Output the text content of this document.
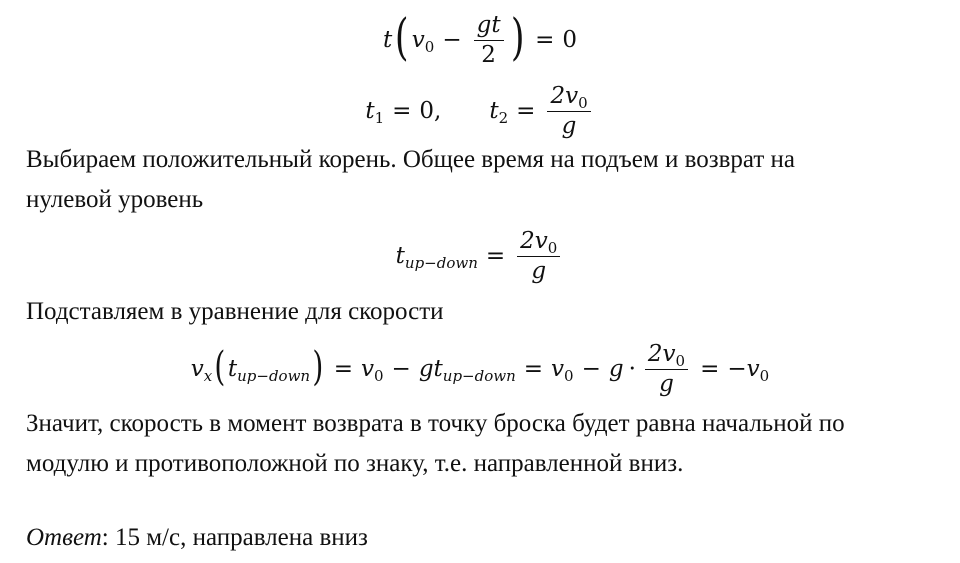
t ( v $0 - \frac{gt}{2}$ ) = 0
t 1 = 0, t $2 = \frac{2v_0}{g}$
Выбираем положительный корень. Общее время на подъем и возврат на
нулевой уровень
t up−down = $\frac{2v_0}{g}$
Подставляем в уравнение для скорости
v x ( t up−down ) = v 0 − gt up−down = v $0 - g \cdot \frac{2v_0}{g} = -v$ 0
Значит, скорость в момент возврата в точку броска будет равна начальной по
модулю и противоположной по знаку, т.е. направленной вниз.
Ответ: 15 м/с, направлена вниз
